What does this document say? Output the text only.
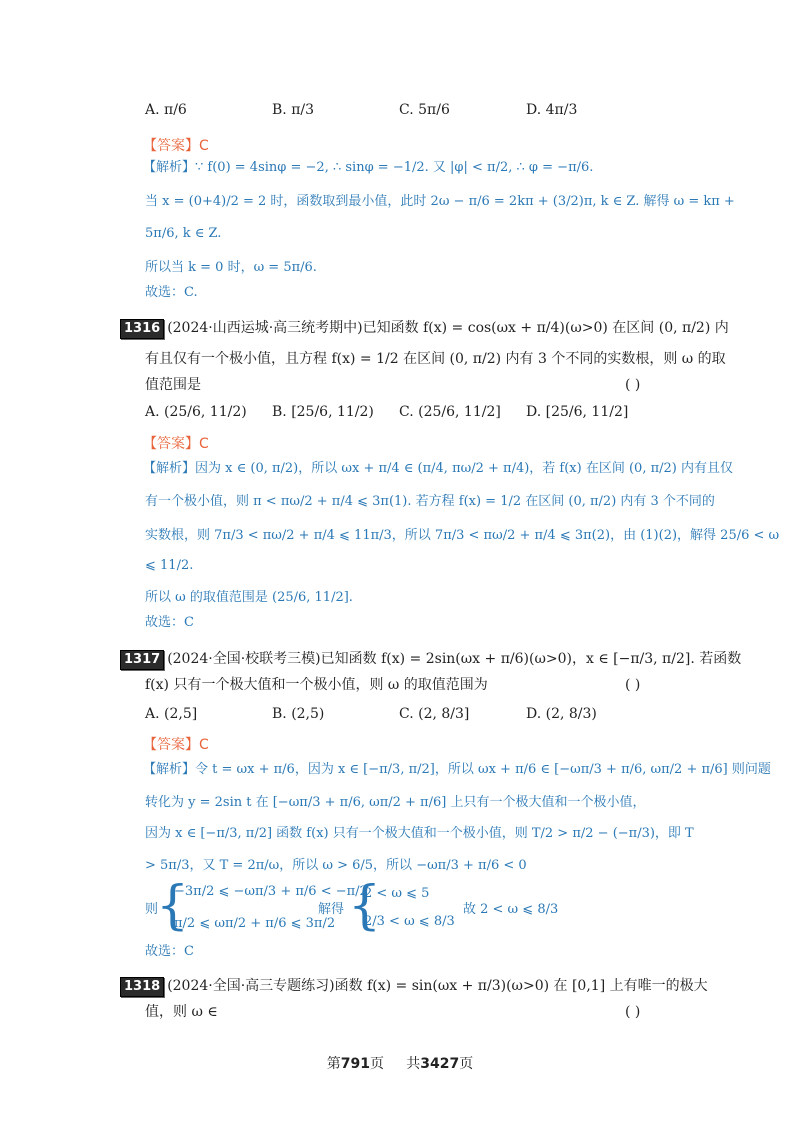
A. π/6	B. π/3	C. 5π/6	D. 4π/3
【答案】C
【解析】∵ f(0) = 4sinφ = −2, ∴ sinφ = −1/2. 又 |φ| < π/2, ∴ φ = −π/6.
当 x = (0+4)/2 = 2 时，函数取到最小值，此时 2ω − π/6 = 2kπ + (3/2)π, k ∈ Z. 解得 ω = kπ +
5π/6, k ∈ Z.
所以当 k = 0 时，ω = 5π/6.
故选：C.
1316 (2024·山西运城·高三统考期中)已知函数 f(x) = cos(ωx + π/4)(ω>0) 在区间 (0, π/2) 内
有且仅有一个极小值，且方程 f(x) = 1/2 在区间 (0, π/2) 内有 3 个不同的实数根，则 ω 的取
值范围是	( )
A. (25/6, 11/2) B. [25/6, 11/2) C. (25/6, 11/2] D. [25/6, 11/2]
【答案】C
【解析】因为 x ∈ (0, π/2)，所以 ωx + π/4 ∈ (π/4, πω/2 + π/4)，若 f(x) 在区间 (0, π/2) 内有且仅
有一个极小值，则 π < πω/2 + π/4 ⩽ 3π(1). 若方程 f(x) = 1/2 在区间 (0, π/2) 内有 3 个不同的
实数根，则 7π/3 < πω/2 + π/4 ⩽ 11π/3，所以 7π/3 < πω/2 + π/4 ⩽ 3π(2)，由 (1)(2)，解得 25/6 < ω
⩽ 11/2.
所以 ω 的取值范围是 (25/6, 11/2].
故选：C
1317 (2024·全国·校联考三模)已知函数 f(x) = 2sin(ωx + π/6)(ω>0)，x ∈ [−π/3, π/2]. 若函数
f(x) 只有一个极大值和一个极小值，则 ω 的取值范围为	( )
A. (2,5]	B. (2,5)	C. (2, 8/3]	D. (2, 8/3)
【答案】C
【解析】令 t = ωx + π/6，因为 x ∈ [−π/3, π/2]，所以 ωx + π/6 ∈ [−ωπ/3 + π/6, ωπ/2 + π/6] 则问题
转化为 y = 2sin t 在 [−ωπ/3 + π/6, ωπ/2 + π/6] 上只有一个极大值和一个极小值，
因为 x ∈ [−π/3, π/2] 函数 f(x) 只有一个极大值和一个极小值，则 T/2 > π/2 − (−π/3)，即 T
> 5π/3，又 T = 2π/ω，所以 ω > 6/5，所以 −ωπ/3 + π/6 < 0
则
{
−3π/2 ⩽ −ωπ/3 + π/6 < −π/2
π/2 ⩽ ωπ/2 + π/6 ⩽ 3π/2
解得 {
2 < ω ⩽ 5
2/3 < ω ⩽ 8/3
故 2 < ω ⩽ 8/3
故选：C
1318 (2024·全国·高三专题练习)函数 f(x) = sin(ωx + π/3)(ω>0) 在 [0,1] 上有唯一的极大
值，则 ω ∈	( )
第791页 共3427页
